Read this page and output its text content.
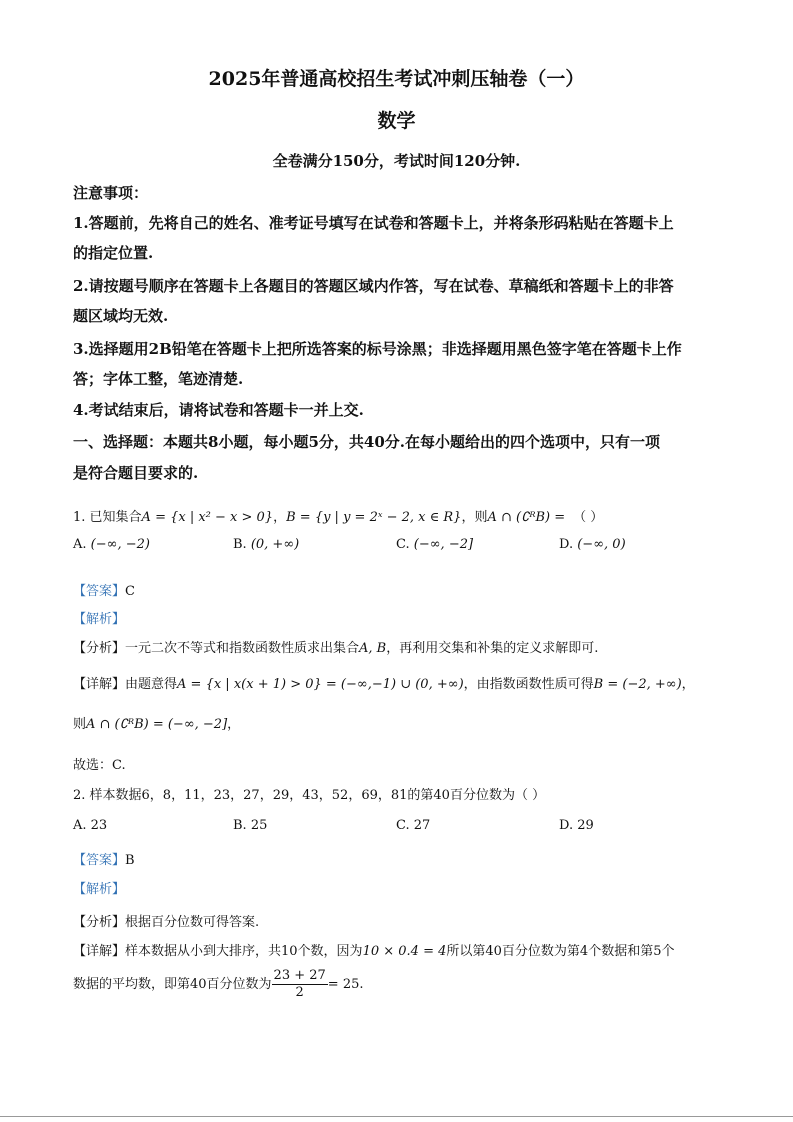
2025年普通高校招生考试冲刺压轴卷（一）
数学
全卷满分150分，考试时间120分钟.
注意事项：
1.答题前，先将自己的姓名、准考证号填写在试卷和答题卡上，并将条形码粘贴在答题卡上
的指定位置.
2.请按题号顺序在答题卡上各题目的答题区域内作答，写在试卷、草稿纸和答题卡上的非答
题区域均无效.
3.选择题用2B铅笔在答题卡上把所选答案的标号涂黑；非选择题用黑色签字笔在答题卡上作
答；字体工整，笔迹清楚.
4.考试结束后，请将试卷和答题卡一并上交.
一、选择题：本题共8小题，每小题5分，共40分.在每小题给出的四个选项中，只有一项
是符合题目要求的.
1. 已知集合A = {x | x² − x > 0}，B = {y | y = 2ˣ − 2, x ∈ R}，则A ∩ (∁ᴿB) = （ ）
A. (−∞, −2)	B. (0, +∞)	C. (−∞, −2]	D. (−∞, 0)
【答案】C
【解析】
【分析】一元二次不等式和指数函数性质求出集合A, B，再利用交集和补集的定义求解即可.
【详解】由题意得A = {x | x(x + 1) > 0} = (−∞,−1) ∪ (0, +∞)，由指数函数性质可得B = (−2, +∞)，
则A ∩ (∁ᴿB) = (−∞, −2]，
故选：C.
2. 样本数据6，8，11，23，27，29，43，52，69，81的第40百分位数为（ ）
A. 23	B. 25	C. 27	D. 29
【答案】B
【解析】
【分析】根据百分位数可得答案.
【详解】样本数据从小到大排序，共10个数，因为10 × 0.4 = 4所以第40百分位数为第4个数据和第5个
数据的平均数，即第40百分位数为 $\frac{23 + 27}{2} = 25$.
